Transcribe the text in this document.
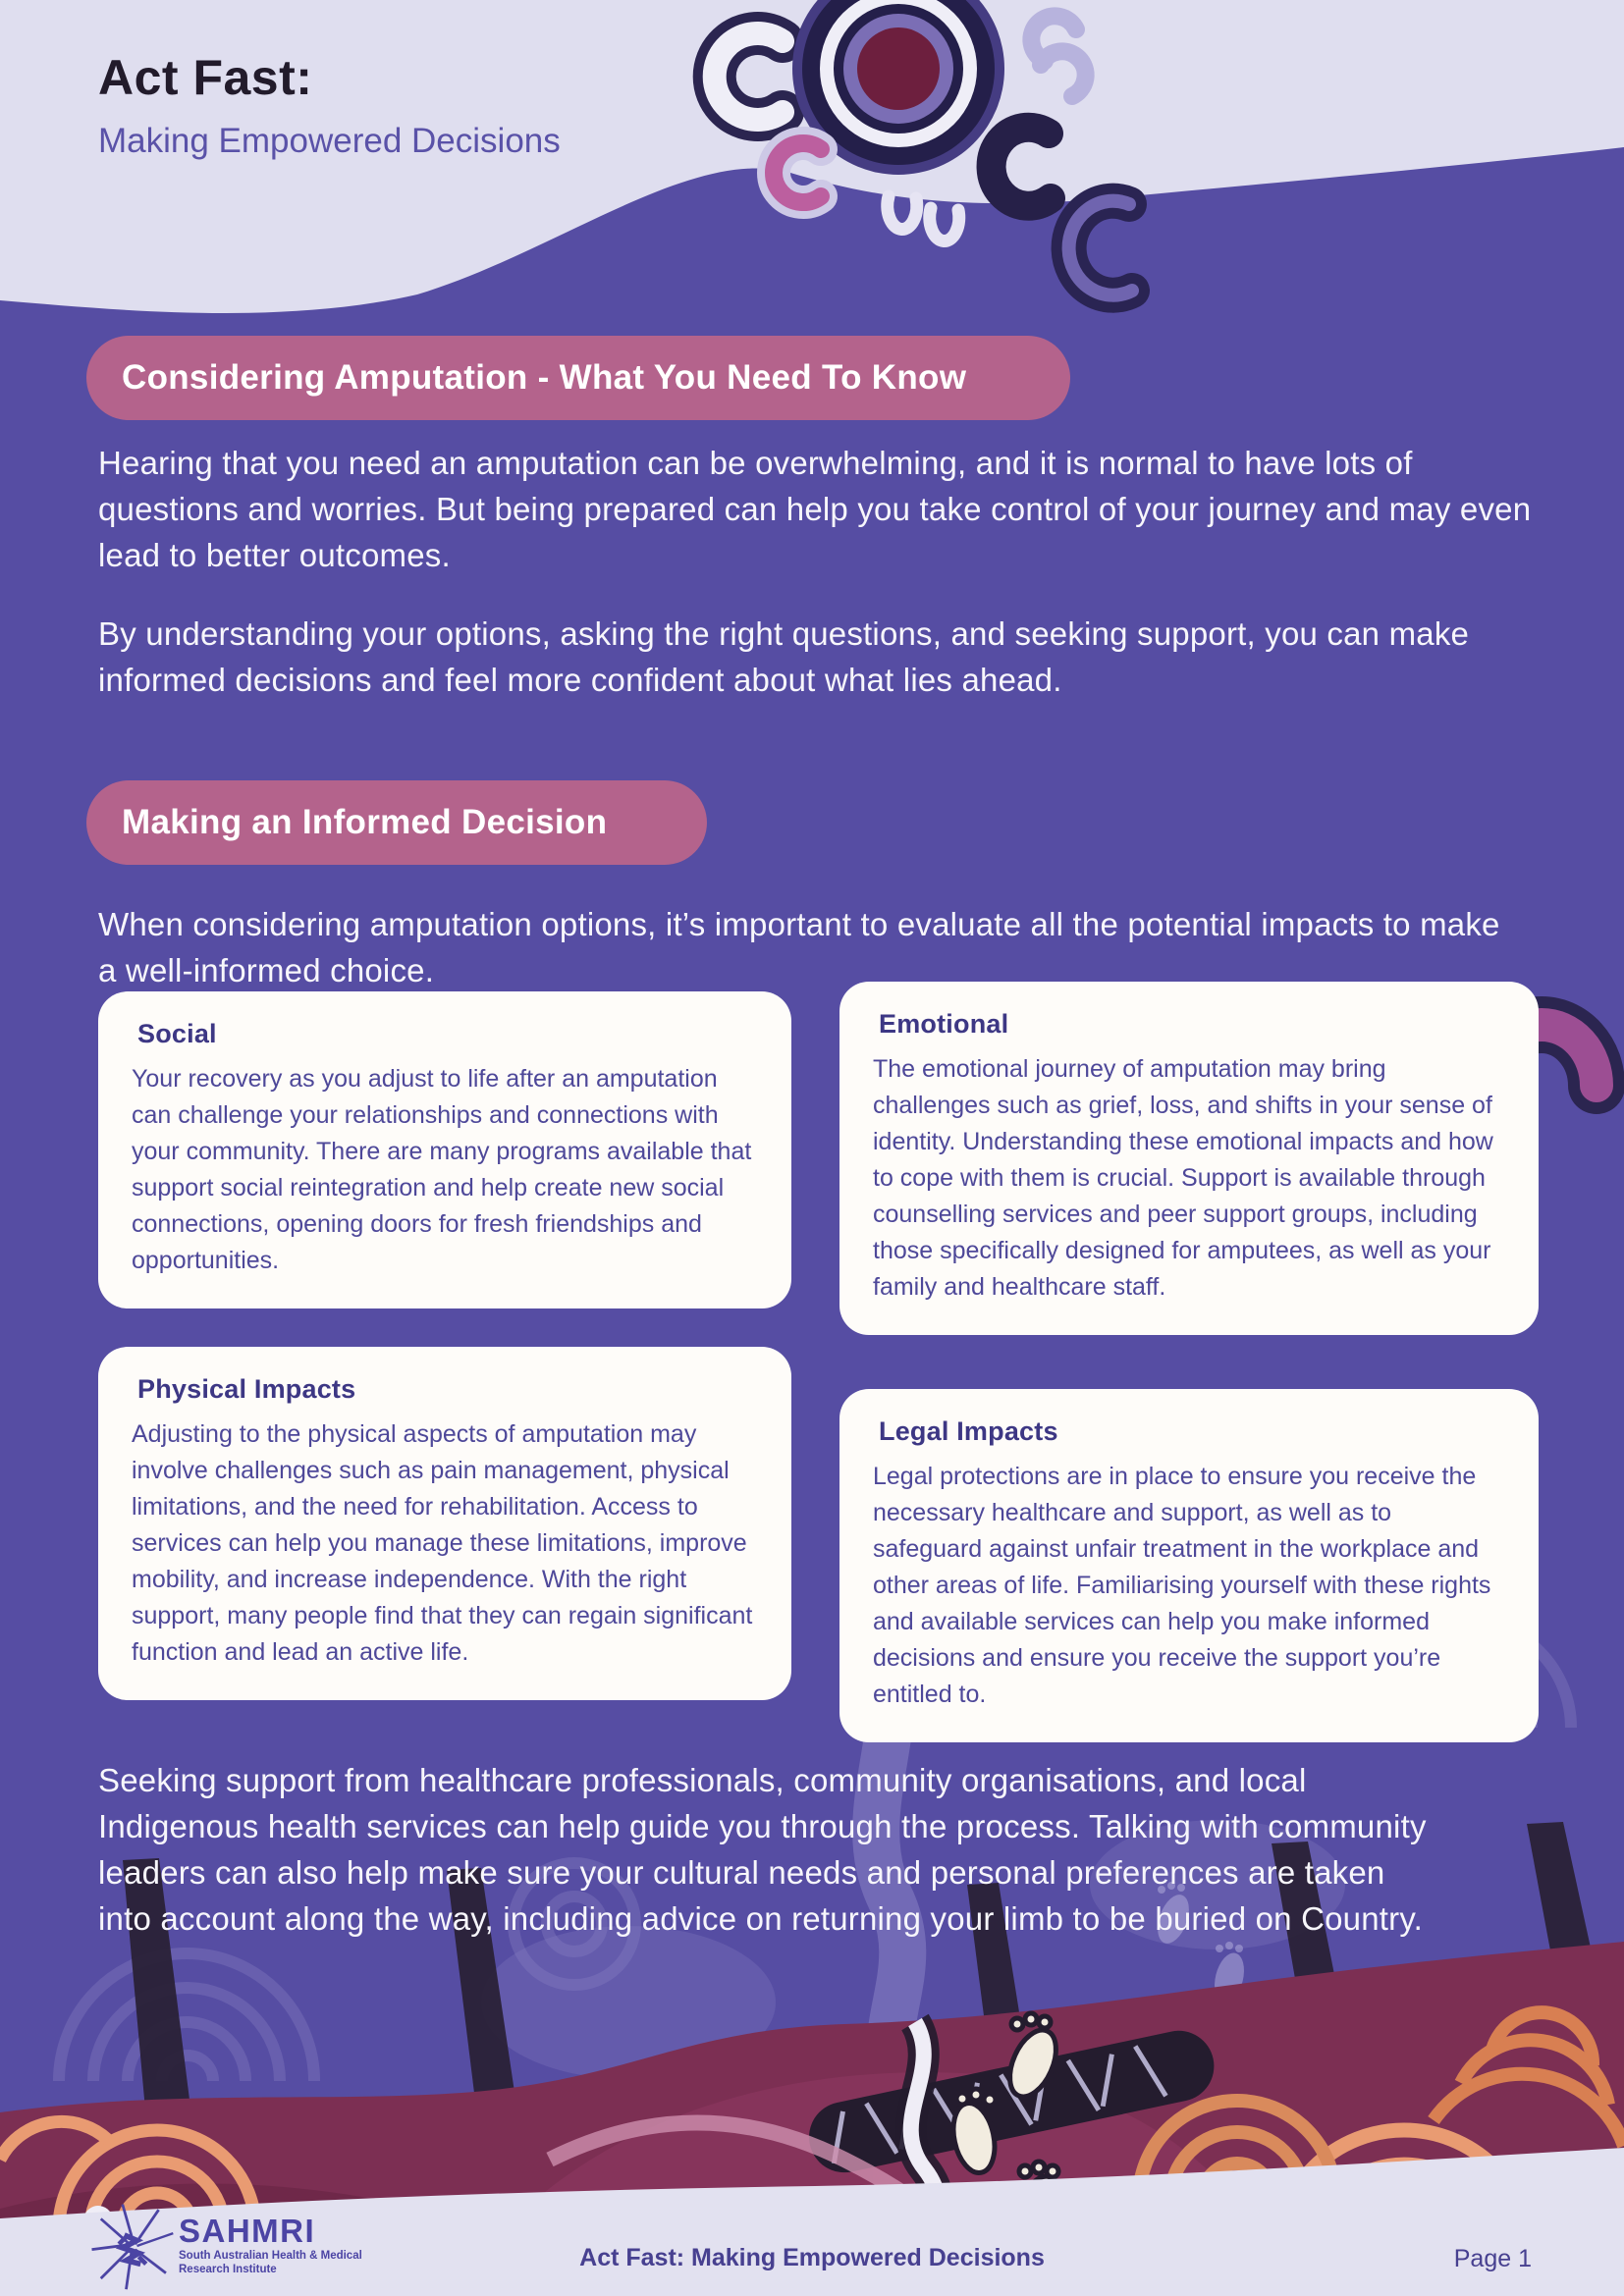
Act Fast:
Making Empowered Decisions
Considering Amputation - What You Need To Know

Hearing that you need an amputation can be overwhelming, and it is normal to have lots of questions and worries. But being prepared can help you take control of your journey and may even lead to better outcomes.

By understanding your options, asking the right questions, and seeking support, you can make informed decisions and feel more confident about what lies ahead.

Making an Informed Decision

When considering amputation options, it’s important to evaluate all the potential impacts to make a well-informed choice.

Social

Your recovery as you adjust to life after an amputation can challenge your relationships and connections with your community. There are many programs available that support social reintegration and help create new social connections, opening doors for fresh friendships and opportunities.

Emotional

The emotional journey of amputation may bring challenges such as grief, loss, and shifts in your sense of identity. Understanding these emotional impacts and how to cope with them is crucial. Support is available through counselling services and peer support groups, including those specifically designed for amputees, as well as your family and healthcare staff.

Physical Impacts

Adjusting to the physical aspects of amputation may involve challenges such as pain management, physical limitations, and the need for rehabilitation. Access to services can help you manage these limitations, improve mobility, and increase independence. With the right support, many people find that they can regain significant function and lead an active life.

Legal Impacts

Legal protections are in place to ensure you receive the necessary healthcare and support, as well as to safeguard against unfair treatment in the workplace and other areas of life. Familiarising yourself with these rights and available services can help you make informed decisions and ensure you receive the support you’re entitled to.

Seeking support from healthcare professionals, community organisations, and local Indigenous health services can help guide you through the process. Talking with community leaders can also help make sure your cultural needs and personal preferences are taken into account along the way, including advice on returning your limb to be buried on Country.

SAHMRI
South Australian Health & Medical Research Institute	Act Fast: Making Empowered Decisions	Page 1
